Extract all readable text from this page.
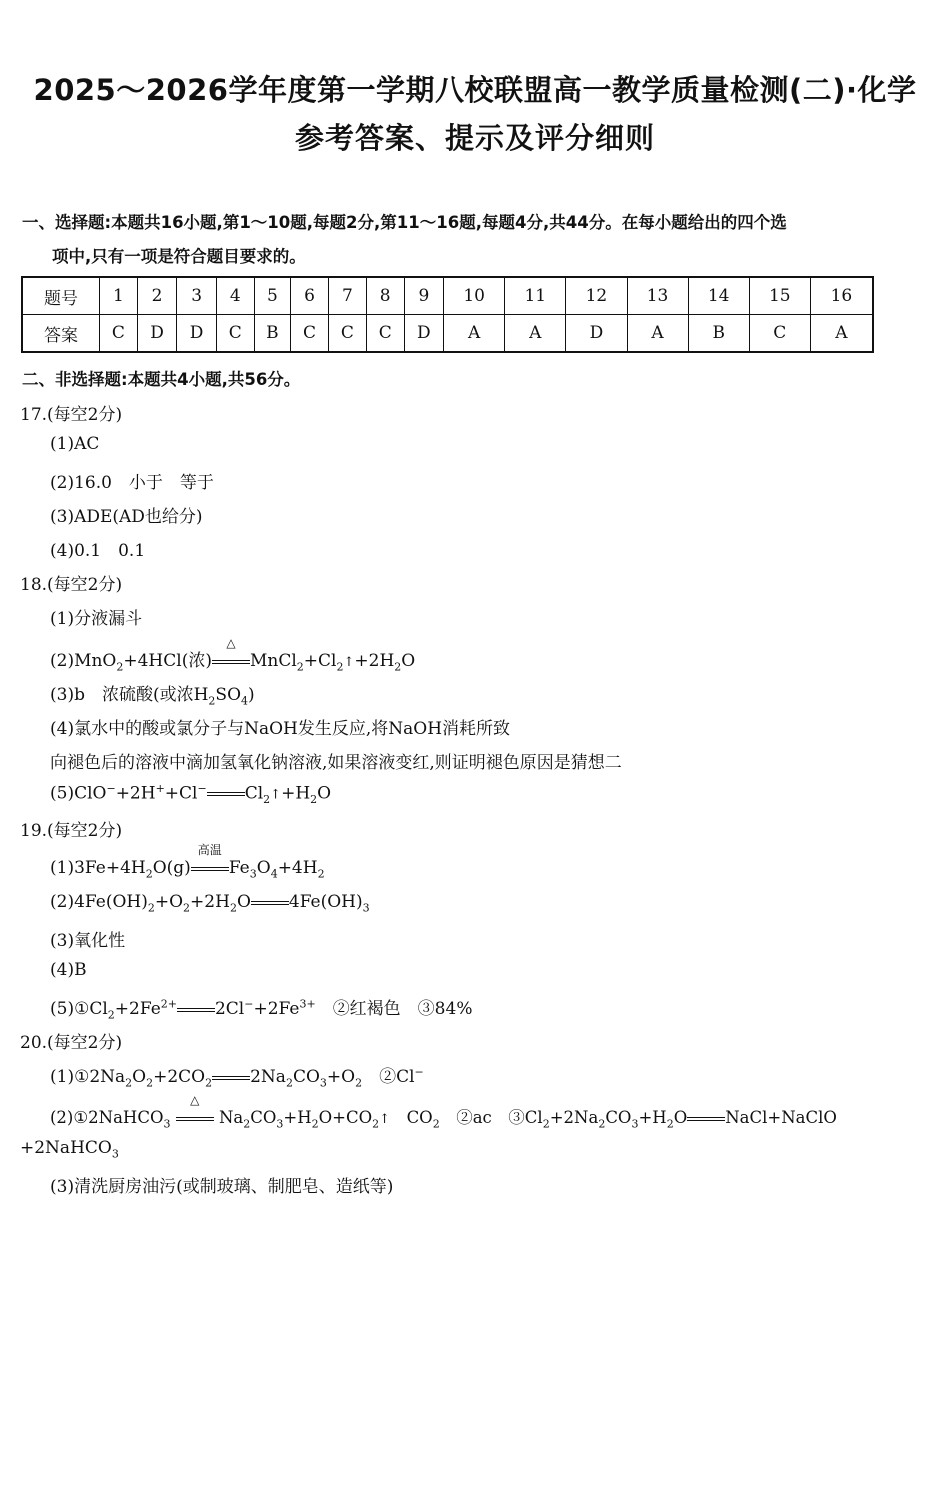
2025～2026学年度第一学期八校联盟高一教学质量检测(二)·化学
参考答案、提示及评分细则
一、选择题:本题共16小题,第1～10题,每题2分,第11～16题,每题4分,共44分。在每小题给出的四个选
项中,只有一项是符合题目要求的。
题号	1	2	3	4	5	6	7	8	9	10	11	12	13	14	15	16
答案	C	D	D	C	B	C	C	C	D	A	A	D	A	B	C	A
二、非选择题:本题共4小题,共56分。
17.(每空2分)
(1)AC
(2)16.0　小于　等于
(3)ADE(AD也给分)
(4)0.1　0.1
18.(每空2分)
(1)分液漏斗
(2)MnO$_2$+4HCl(浓)
△
$MnCl_2+Cl_2↑+2H_2O$
(3)b　浓硫酸(或浓$H_2SO_4$)
(4)氯水中的酸或氯分子与NaOH发生反应,将NaOH消耗所致
向褪色后的溶液中滴加氢氧化钠溶液,如果溶液变红,则证明褪色原因是猜想二
(5)ClO−+2H++Cl− $Cl_2↑+H_2O$
19.(每空2分)
$(1)3Fe+4H_2O(g)$
高温
$Fe_3O_4+4H_2$
$(2)4Fe(OH)_2+O_2+2H_2O$ $4Fe(OH)_3$
(3)氧化性
(4)B
$(5)①Cl_2+2Fe^{2+}$ $2Cl^-+2Fe^{3+}$　 ②红褐色　③84%
20.(每空2分)
$(1)①2Na_2O_2+2CO_2$ $2Na_2CO_3+O_2$　②Cl−
(2)①2NaHCO$_3$
△
$Na_2CO_3+H_2O+CO_2↑$　$CO_2$　 ②ac　$③Cl_2+2Na_2CO_3+H_2O$ NaCl+NaClO
+2NaHCO$_3$
(3)清洗厨房油污(或制玻璃、制肥皂、造纸等)
